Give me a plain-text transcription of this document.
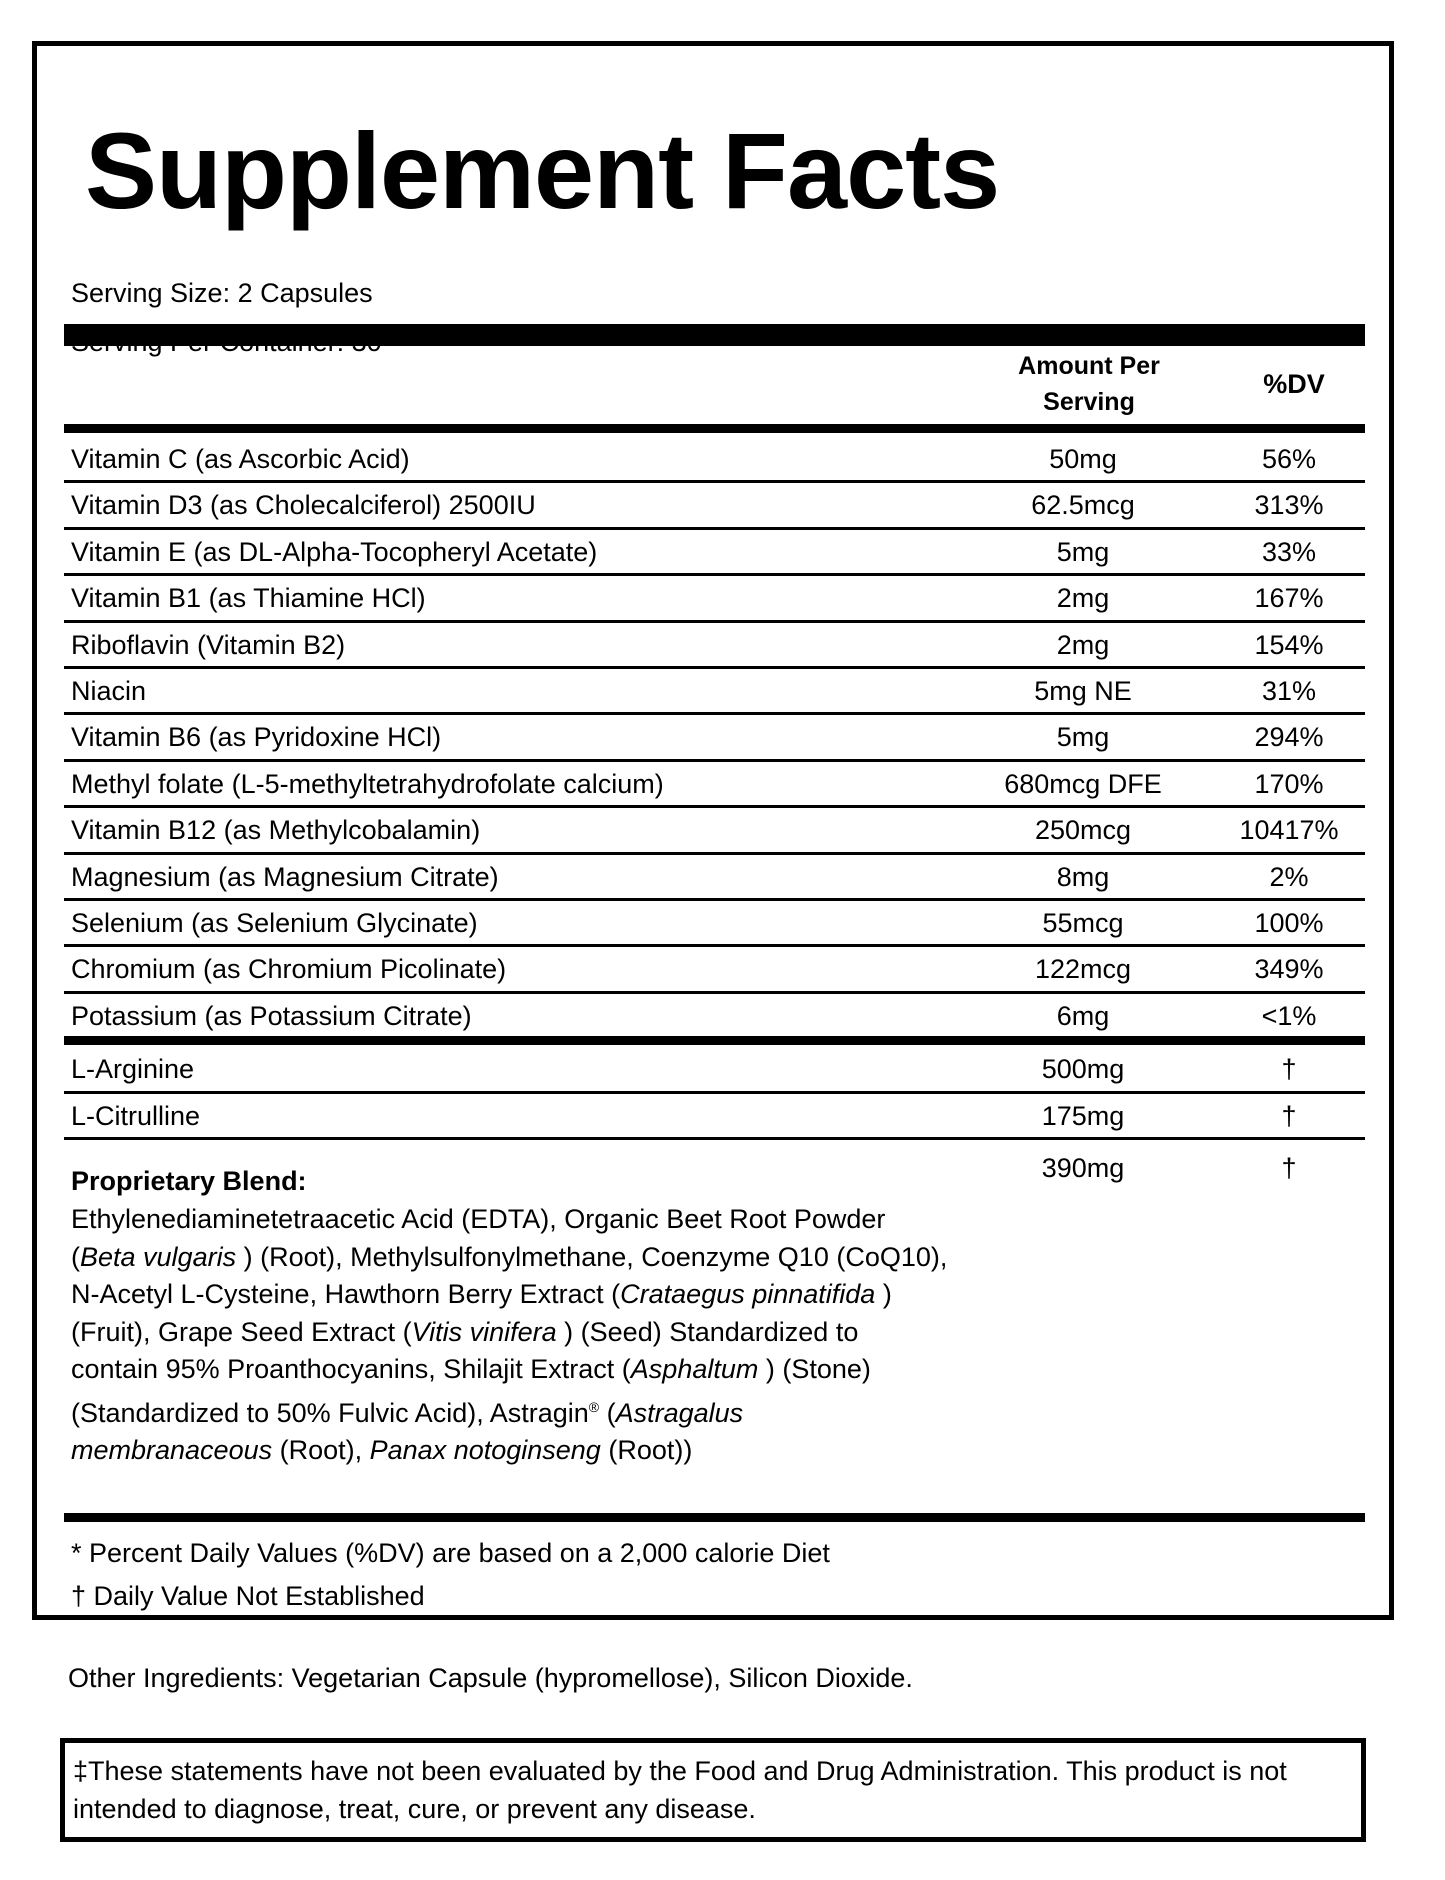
Supplement Facts
Serving Size: 2 Capsules
Amount Per
Serving
%DV
Vitamin C (as Ascorbic Acid)	50mg	56%
Vitamin D3 (as Cholecalciferol) 2500IU	62.5mcg	313%
Vitamin E (as DL-Alpha-Tocopheryl Acetate)	5mg	33%
Vitamin B1 (as Thiamine HCl)	2mg	167%
Riboflavin (Vitamin B2)	2mg	154%
Niacin	5mg NE	31%
Vitamin B6 (as Pyridoxine HCl)	5mg	294%
Methyl folate (L-5-methyltetrahydrofolate calcium)	680mcg DFE	170%
Vitamin B12 (as Methylcobalamin)	250mcg	10417%
Magnesium (as Magnesium Citrate)	8mg	2%
Selenium (as Selenium Glycinate)	55mcg	100%
Chromium (as Chromium Picolinate)	122mcg	349%
Potassium (as Potassium Citrate)	6mg	<1%
L-Arginine	500mg	†
L-Citrulline	175mg	†
Proprietary Blend:	390mg	†
Ethylenediaminetetraacetic Acid (EDTA), Organic Beet Root Powder (Beta vulgaris ) (Root), Methylsulfonylmethane, Coenzyme Q10 (CoQ10), N-Acetyl L-Cysteine, Hawthorn Berry Extract (Crataegus pinnatifida ) (Fruit), Grape Seed Extract (Vitis vinifera ) (Seed) Standardized to contain 95% Proanthocyanins, Shilajit Extract (Asphaltum ) (Stone) (Standardized to 50% Fulvic Acid), Astragin® (Astragalus membranaceous (Root), Panax notoginseng (Root))
* Percent Daily Values (%DV) are based on a 2,000 calorie Diet
† Daily Value Not Established
Other Ingredients: Vegetarian Capsule (hypromellose), Silicon Dioxide.
‡These statements have not been evaluated by the Food and Drug Administration. This product is not intended to diagnose, treat, cure, or prevent any disease.
